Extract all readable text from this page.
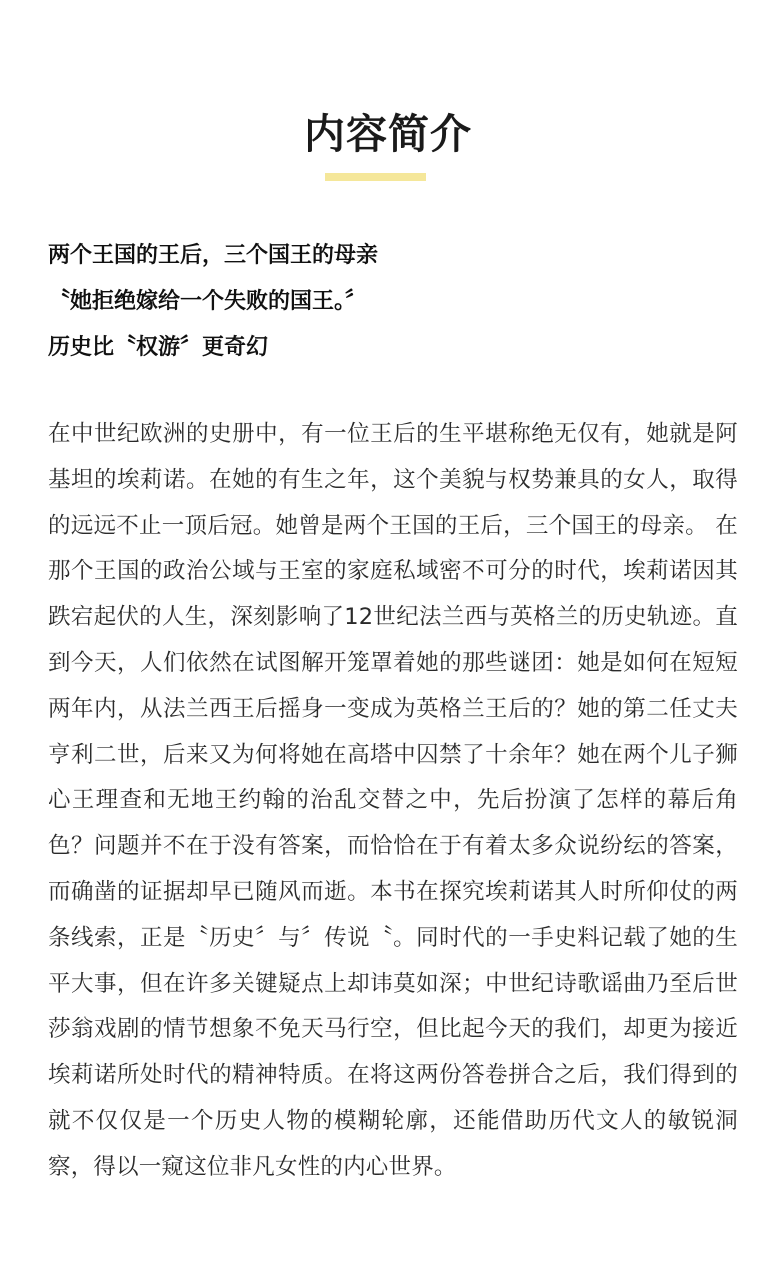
内容简介
两个王国的王后，三个国王的母亲
〝她拒绝嫁给一个失败的国王。〞
历史比〝权游〞更奇幻

在中世纪欧洲的史册中，有一位王后的生平堪称绝无仅有，她就是阿基坦的埃莉诺。在她的有生之年，这个美貌与权势兼具的女人，取得的远远不止一顶后冠。她曾是两个王国的王后，三个国王的母亲。 在那个王国的政治公域与王室的家庭私域密不可分的时代，埃莉诺因其跌宕起伏的人生，深刻影响了12世纪法兰西与英格兰的历史轨迹。直到今天，人们依然在试图解开笼罩着她的那些谜团：她是如何在短短两年内，从法兰西王后摇身一变成为英格兰王后的？她的第二任丈夫亨利二世，后来又为何将她在高塔中囚禁了十余年？她在两个儿子狮心王理查和无地王约翰的治乱交替之中，先后扮演了怎样的幕后角色？问题并不在于没有答案，而恰恰在于有着太多众说纷纭的答案，而确凿的证据却早已随风而逝。本书在探究埃莉诺其人时所仰仗的两条线索，正是〝历史〞与〞传说〝。同时代的一手史料记载了她的生平大事，但在许多关键疑点上却讳莫如深；中世纪诗歌谣曲乃至后世莎翁戏剧的情节想象不免天马行空，但比起今天的我们，却更为接近埃莉诺所处时代的精神特质。在将这两份答卷拼合之后，我们得到的就不仅仅是一个历史人物的模糊轮廓，还能借助历代文人的敏锐洞察，得以一窥这位非凡女性的内心世界。
